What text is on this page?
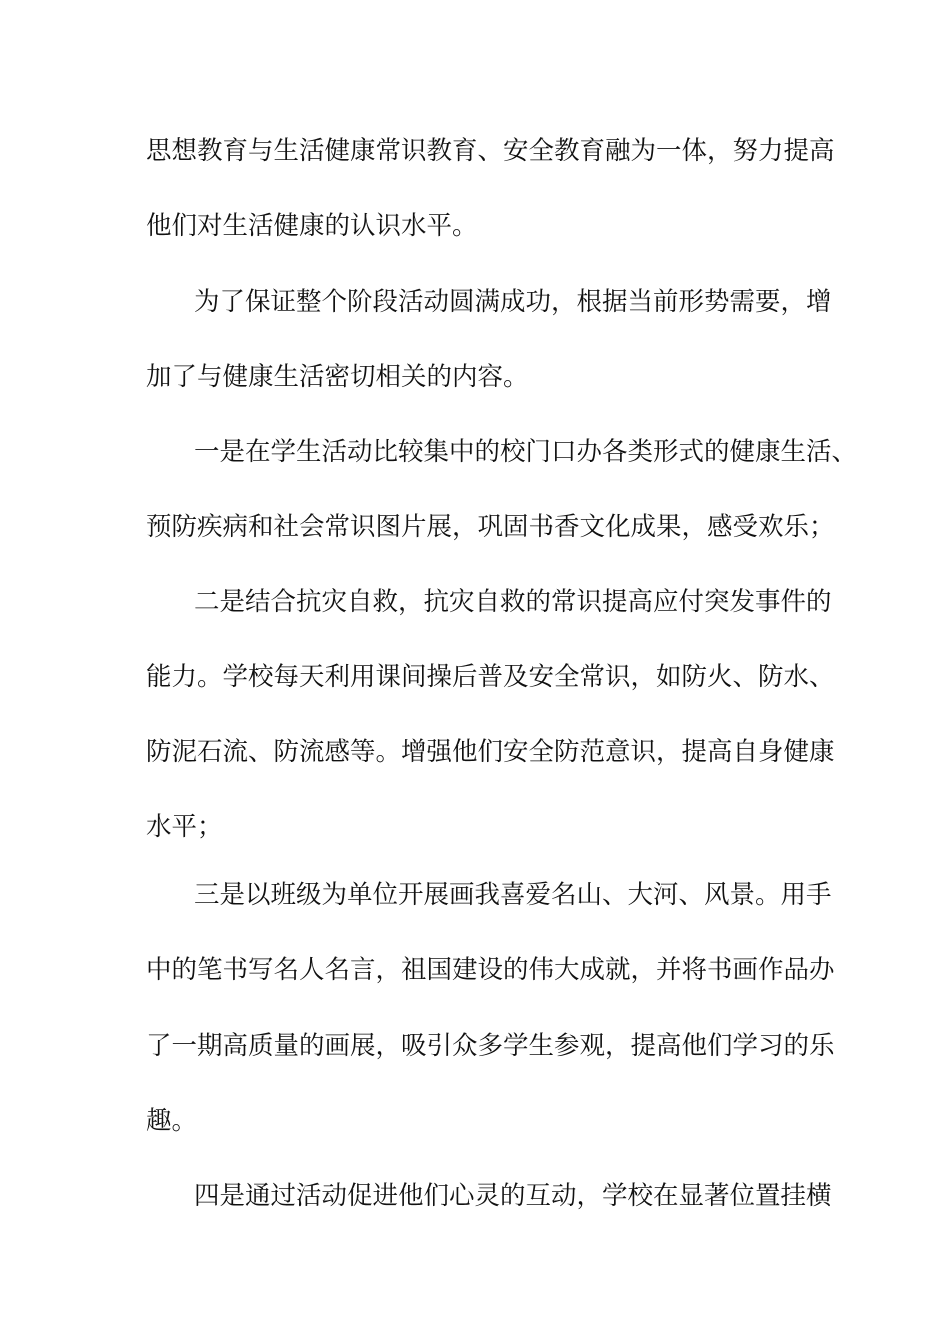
思想教育与生活健康常识教育、安全教育融为一体，努力提高
他们对生活健康的认识水平。
为了保证整个阶段活动圆满成功，根据当前形势需要，增
加了与健康生活密切相关的内容。
一是在学生活动比较集中的校门口办各类形式的健康生活、
预防疾病和社会常识图片展，巩固书香文化成果，感受欢乐；
二是结合抗灾自救，抗灾自救的常识提高应付突发事件的
能力。学校每天利用课间操后普及安全常识，如防火、防水、
防泥石流、防流感等。增强他们安全防范意识，提高自身健康
水平；
三是以班级为单位开展画我喜爱名山、大河、风景。用手
中的笔书写名人名言，祖国建设的伟大成就，并将书画作品办
了一期高质量的画展，吸引众多学生参观，提高他们学习的乐
趣。
四是通过活动促进他们心灵的互动，学校在显著位置挂横
